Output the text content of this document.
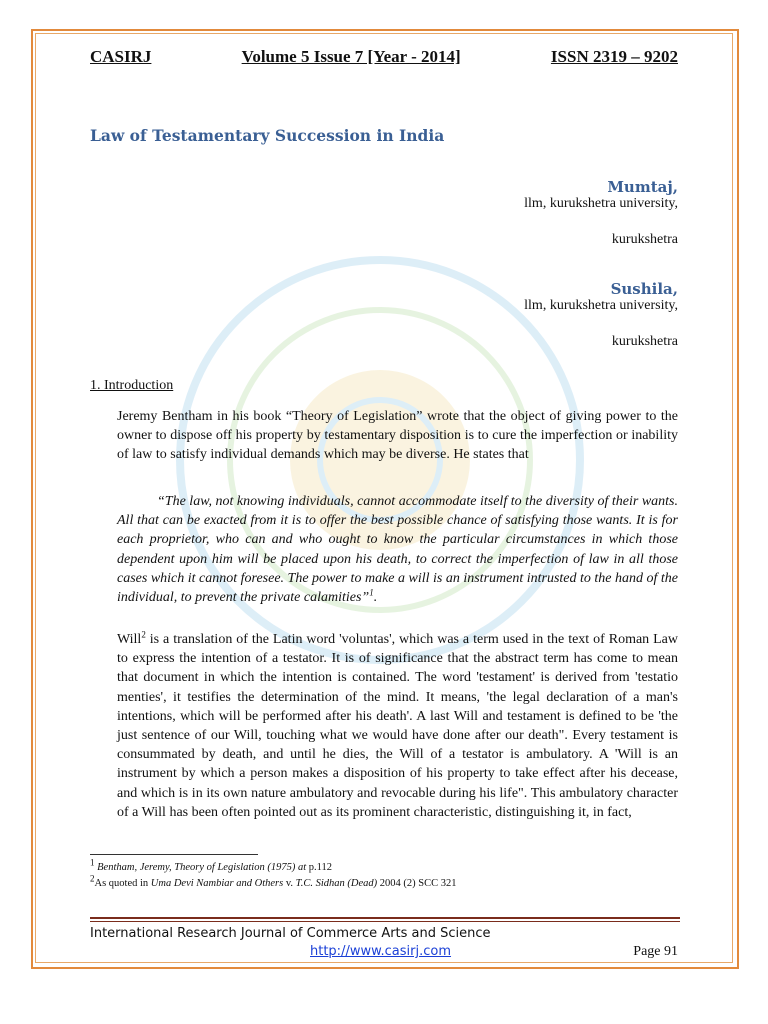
CASIRJ	Volume 5 Issue 7 [Year - 2014]	ISSN 2319 – 9202
Law of Testamentary Succession in India
Mumtaj,
llm, kurukshetra university,
kurukshetra
Sushila,
llm, kurukshetra university,
kurukshetra
1. Introduction
Jeremy Bentham in his book “Theory of Legislation” wrote that the object of giving power to the owner to dispose off his property by testamentary disposition is to cure the imperfection or inability of law to satisfy individual demands which may be diverse. He states that
“The law, not knowing individuals, cannot accommodate itself to the diversity of their wants. All that can be exacted from it is to offer the best possible chance of satisfying those wants. It is for each proprietor, who can and who ought to know the particular circumstances in which those dependent upon him will be placed upon his death, to correct the imperfection of law in all those cases which it cannot foresee. The power to make a will is an instrument intrusted to the hand of the individual, to prevent the private calamities”$^1$.
Will$^2$ is a translation of the Latin word 'voluntas', which was a term used in the text of Roman Law to express the intention of a testator. It is of significance that the abstract term has come to mean that document in which the intention is contained. The word 'testament' is derived from 'testatio menties', it testifies the determination of the mind. It means, 'the legal declaration of a man's intentions, which will be performed after his death'. A last Will and testament is defined to be 'the just sentence of our Will, touching what we would have done after our death". Every testament is consummated by death, and until he dies, the Will of a testator is ambulatory. A 'Will is an instrument by which a person makes a disposition of his property to take effect after his decease, and which is in its own nature ambulatory and revocable during his life". This ambulatory character of a Will has been often pointed out as its prominent characteristic, distinguishing it, in fact,
$^1$ Bentham, Jeremy, Theory of Legislation (1975) at p.112
$^2$As quoted in Uma Devi Nambiar and Others v. T.C. Sidhan (Dead) 2004 (2) SCC 321
International Research Journal of Commerce Arts and Science
http://www.casirj.com	Page 91
